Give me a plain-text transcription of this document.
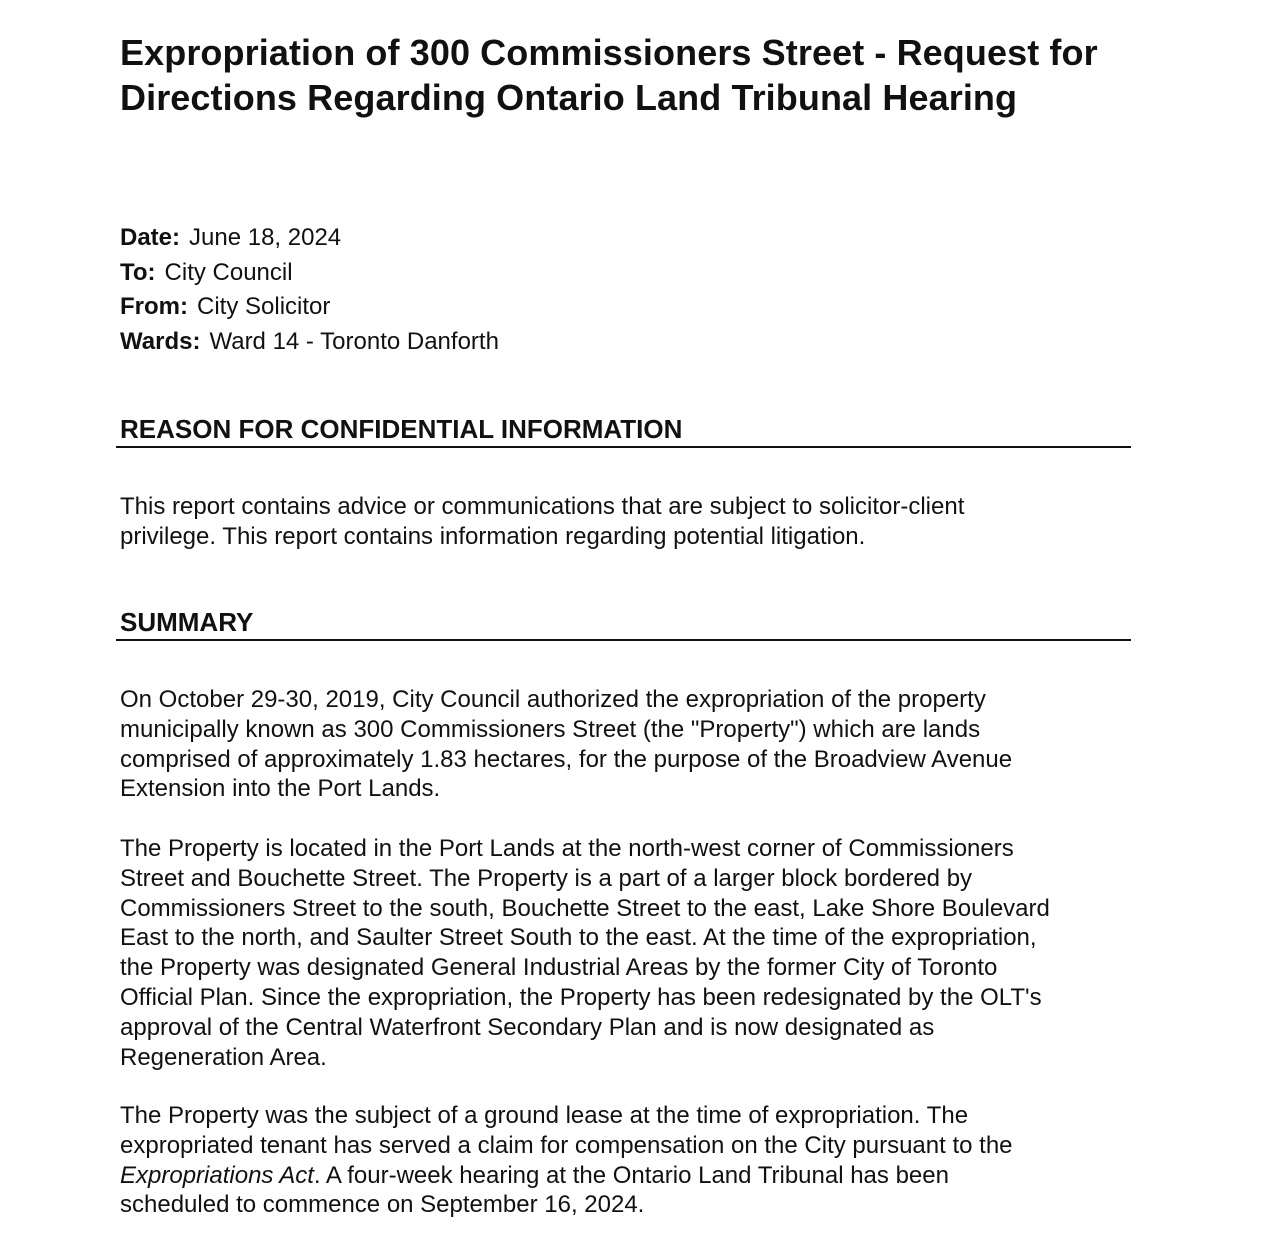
Expropriation of 300 Commissioners Street - Request for Directions Regarding Ontario Land Tribunal Hearing
Date: June 18, 2024
To: City Council
From: City Solicitor
Wards: Ward 14 - Toronto Danforth
REASON FOR CONFIDENTIAL INFORMATION

This report contains advice or communications that are subject to solicitor-client
privilege. This report contains information regarding potential litigation.

SUMMARY

On October 29-30, 2019, City Council authorized the expropriation of the property
municipally known as 300 Commissioners Street (the "Property") which are lands
comprised of approximately 1.83 hectares, for the purpose of the Broadview Avenue
Extension into the Port Lands.

The Property is located in the Port Lands at the north-west corner of Commissioners
Street and Bouchette Street. The Property is a part of a larger block bordered by
Commissioners Street to the south, Bouchette Street to the east, Lake Shore Boulevard
East to the north, and Saulter Street South to the east. At the time of the expropriation,
the Property was designated General Industrial Areas by the former City of Toronto
Official Plan. Since the expropriation, the Property has been redesignated by the OLT's
approval of the Central Waterfront Secondary Plan and is now designated as
Regeneration Area.

The Property was the subject of a ground lease at the time of expropriation. The
expropriated tenant has served a claim for compensation on the City pursuant to the
Expropriations Act. A four-week hearing at the Ontario Land Tribunal has been
scheduled to commence on September 16, 2024.
